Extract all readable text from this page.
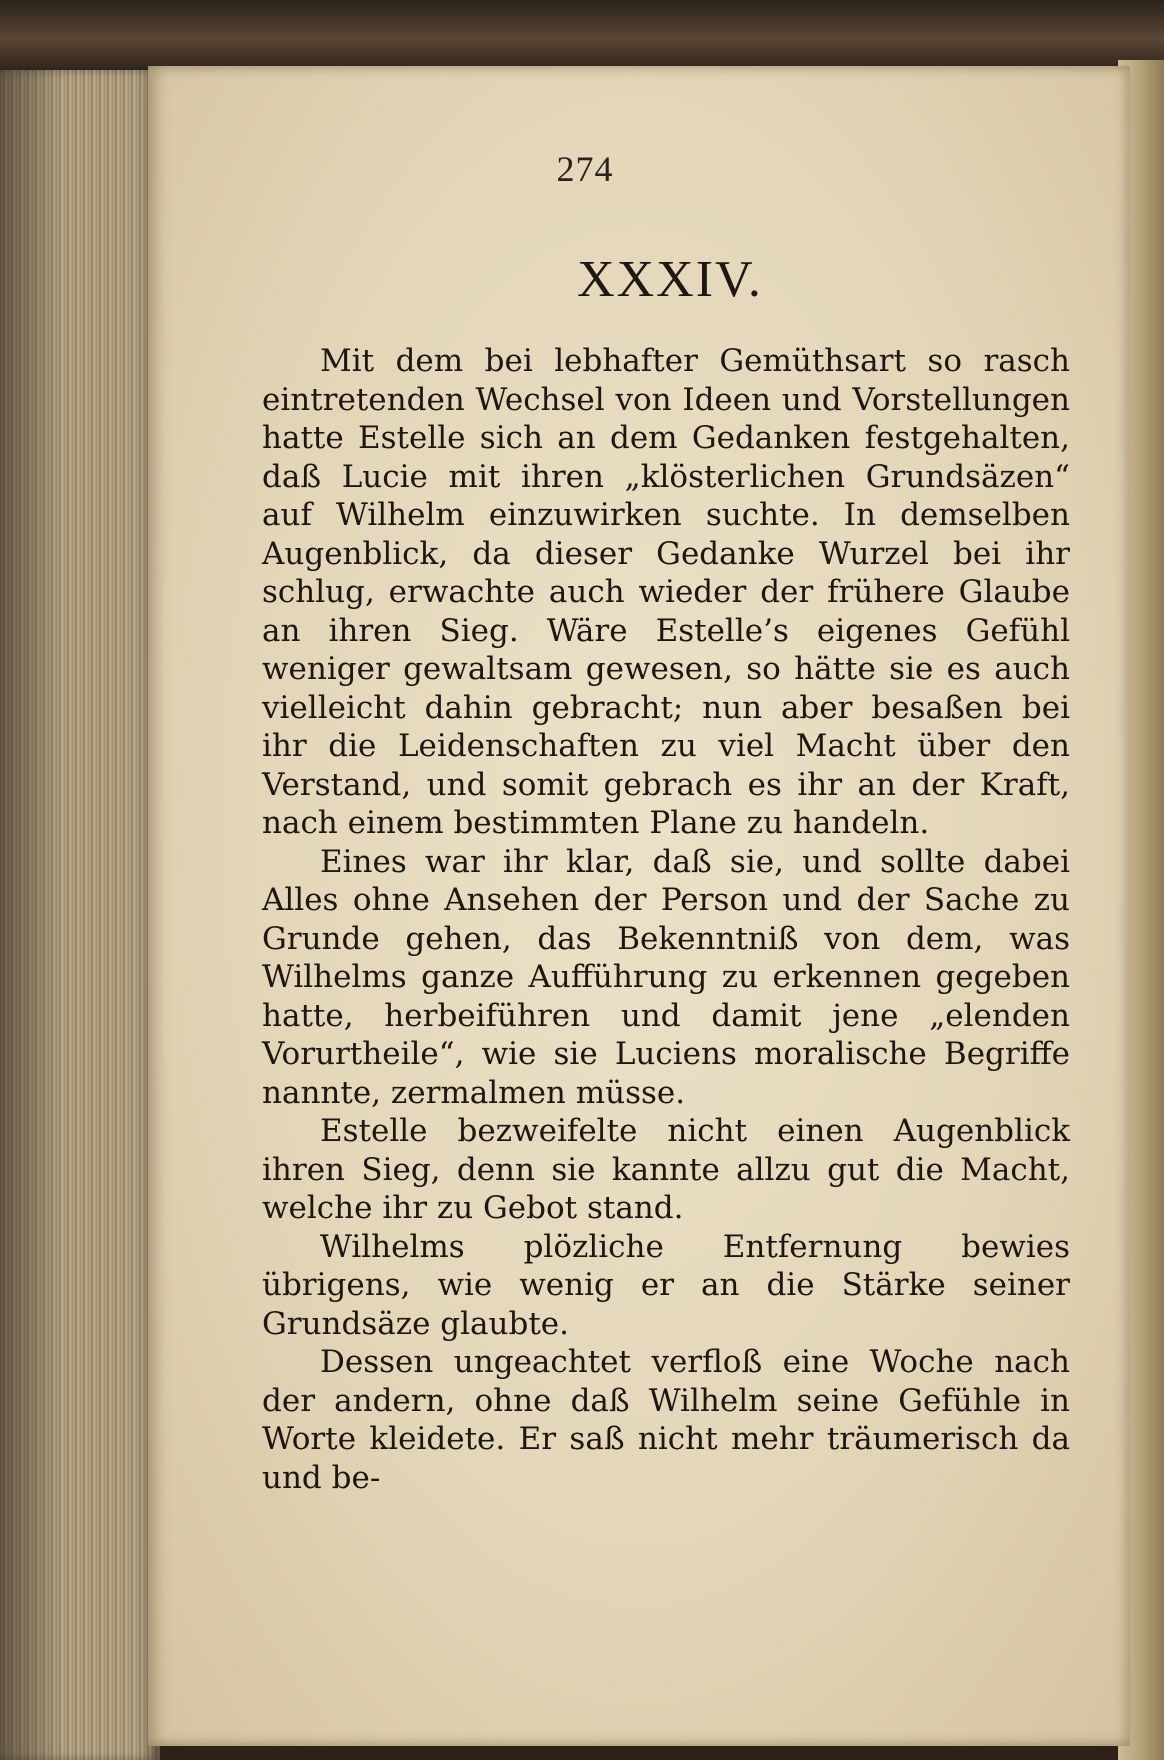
274
XXXIV.

Mit dem bei lebhafter Gemüthsart so rasch eintretenden Wechsel von Ideen und Vorstellungen hatte Estelle sich an dem Gedanken festgehalten, daß Lucie mit ihren „klösterlichen Grundsäzen“ auf Wilhelm einzuwirken suchte. In demselben Augenblick, da dieser Gedanke Wurzel bei ihr schlug, erwachte auch wieder der frühere Glaube an ihren Sieg. Wäre Estelle’s eigenes Gefühl weniger gewaltsam gewesen, so hätte sie es auch vielleicht dahin gebracht; nun aber besaßen bei ihr die Leidenschaften zu viel Macht über den Verstand, und somit gebrach es ihr an der Kraft, nach einem bestimmten Plane zu handeln.

Eines war ihr klar, daß sie, und sollte dabei Alles ohne Ansehen der Person und der Sache zu Grunde gehen, das Bekenntniß von dem, was Wilhelms ganze Aufführung zu erkennen gegeben hatte, herbeiführen und damit jene „elenden Vorurtheile“, wie sie Luciens moralische Begriffe nannte, zermalmen müsse.

Estelle bezweifelte nicht einen Augenblick ihren Sieg, denn sie kannte allzu gut die Macht, welche ihr zu Gebot stand.

Wilhelms plözliche Entfernung bewies übrigens, wie wenig er an die Stärke seiner Grundsäze glaubte.

Dessen ungeachtet verfloß eine Woche nach der andern, ohne daß Wilhelm seine Gefühle in Worte kleidete. Er saß nicht mehr träumerisch da und be-
